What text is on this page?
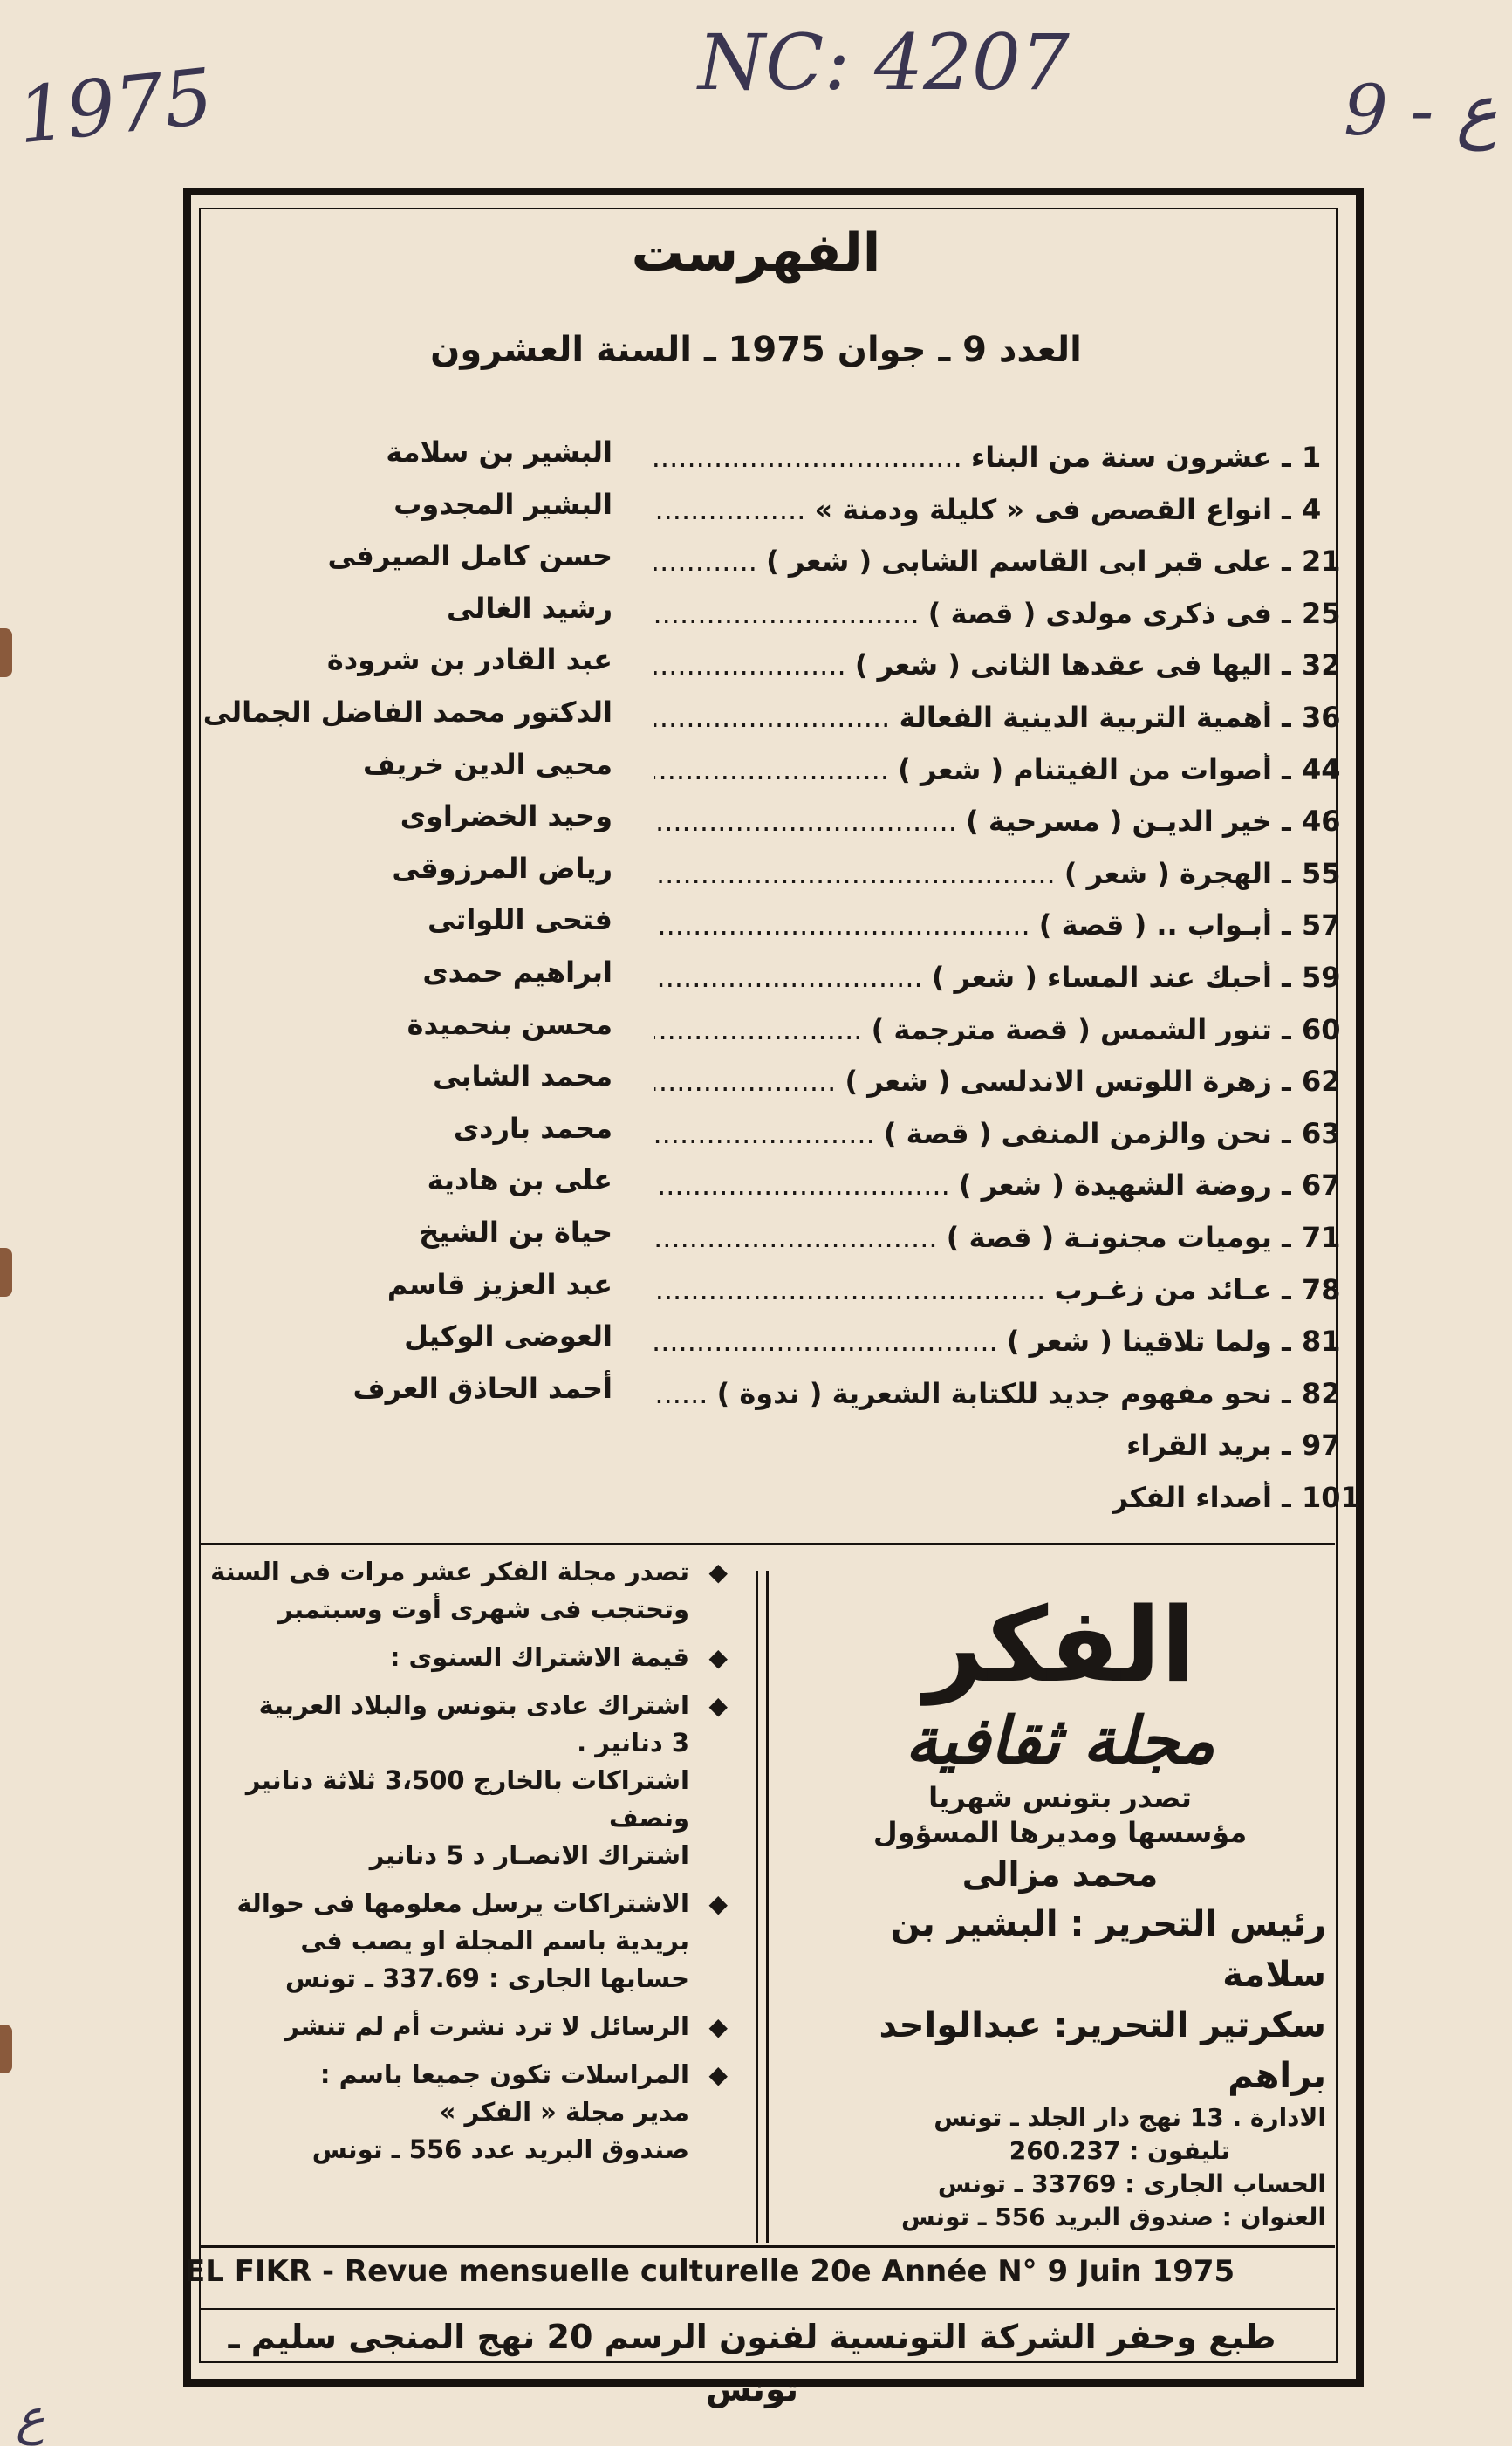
1975	NC: 4207
9 - ع
ع
الفهرست
العدد 9 ـ جوان 1975 ـ السنة العشرون
1
ـ عشرون سنة من البناء .....
البشير بن سلامة
4
ـ انواع القصص فى « كليلة ودمنة » .....
البشير المجدوب
21
ـ على قبر ابى القاسم الشابى ( شعر ) .....
حسن كامل الصيرفى
25
ـ فى ذكرى مولدى ( قصة ) .....
رشيد الغالى
32
ـ اليها فى عقدها الثانى ( شعر ) .....
عبد القادر بن شرودة
36
ـ أهمية التربية الدينية الفعالة .....
الدكتور محمد الفاضل الجمالى
44
ـ أصوات من الفيتنام ( شعر ) .....
محيى الدين خريف
46
ـ خير الديـن ( مسرحية ) .....
وحيد الخضراوى
55
ـ الهجرة ( شعر ) .....
رياض المرزوقى
57
ـ أبـواب .. ( قصة ) .....
فتحى اللواتى
59
ـ أحبك عند المساء ( شعر ) .....
ابراهيم حمدى
60
ـ تنور الشمس ( قصة مترجمة ) .....
محسن بنحميدة
62
ـ زهرة اللوتس الاندلسى ( شعر ) .....
محمد الشابى
63
ـ نحن والزمن المنفى ( قصة ) .....
محمد باردى
67
ـ روضة الشهيدة ( شعر ) .....
على بن هادية
71
ـ يوميات مجنونـة ( قصة ) .....
حياة بن الشيخ
78
ـ عـائد من زغـرب .....
عبد العزيز قاسم
81
ـ ولما تلاقينا ( شعر ) .....
العوضى الوكيل
82
ـ نحو مفهوم جديد للكتابة الشعرية ( ندوة ) .....
أحمد الحاذق العرف
97
ـ بريد القراء
101
ـ أصداء الفكر
◆
تصدر مجلة الفكر عشر مرات فى السنة
وتحتجب فى شهرى أوت وسبتمبر
◆
قيمة الاشتراك السنوى :
◆
اشتراك عادى بتونس والبلاد العربية
3 دنانير .
اشتراكات بالخارج 3،500 ثلاثة دنانير
ونصف
اشتراك الانصـار د 5 دنانير
◆
الاشتراكات يرسل معلومها فى حوالة
بريدية باسم المجلة او يصب فى
حسابها الجارى : 337.69 ـ تونس
◆
الرسائل لا ترد نشرت أم لم تنشر
◆
المراسلات تكون جميعا باسم :
مدير مجلة « الفكر »
صندوق البريد عدد 556 ـ تونس
الفكر
مجلة ثقافية
تصدر بتونس شهريا
مؤسسها ومديرها المسؤول
محمد مزالى
رئيس التحرير : البشير بن سلامة
سكرتير التحرير: عبدالواحد براهم
الادارة . 13 نهج دار الجلد ـ تونس
تليفون : 260.237
الحساب الجارى : 33769 ـ تونس
العنوان : صندوق البريد 556 ـ تونس
EL FIKR - Revue mensuelle culturelle 20e Année N° 9 Juin 1975
طبع وحفر الشركة التونسية لفنون الرسم 20 نهج المنجى سليم ـ تونس
